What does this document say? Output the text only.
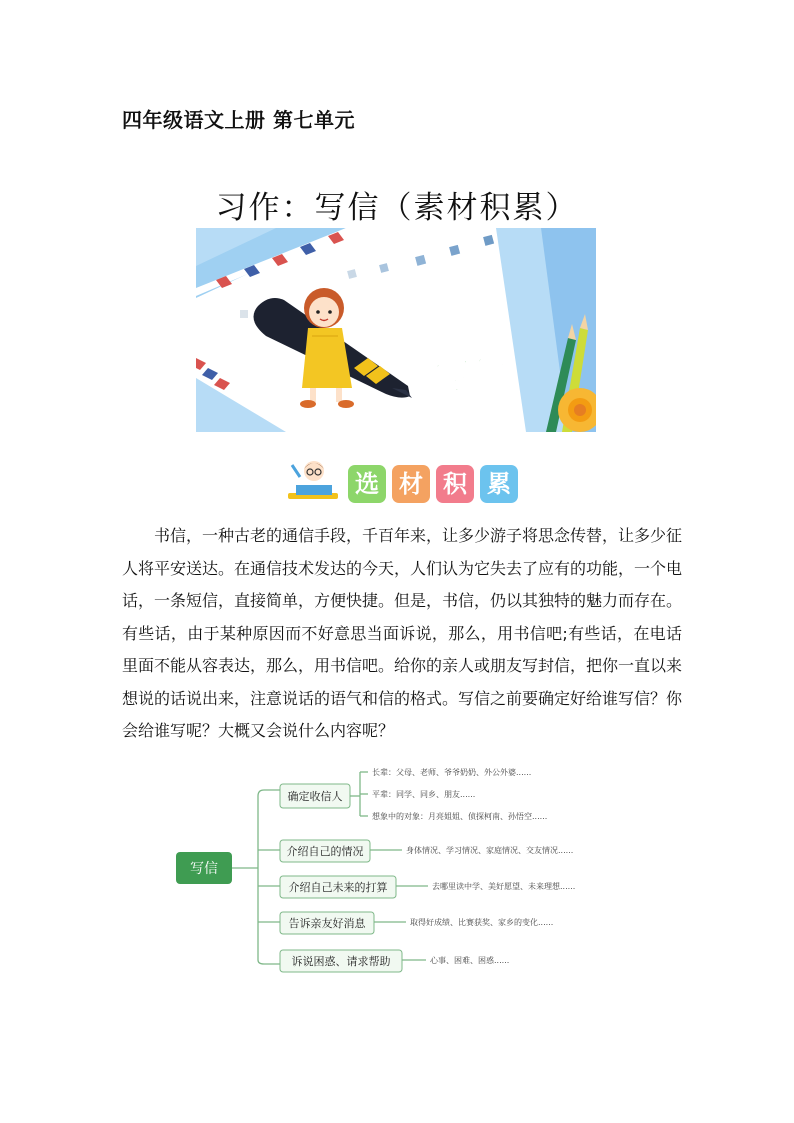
四年级语文上册 第七单元
习作：写信（素材积累）
写信
选 材 积 累

书信，一种古老的通信手段，千百年来，让多少游子将思念传替，让多少征人将平安送达。在通信技术发达的今天，人们认为它失去了应有的功能，一个电话，一条短信，直接简单，方便快捷。但是，书信，仍以其独特的魅力而存在。有些话，由于某种原因而不好意思当面诉说，那么，用书信吧;有些话，在电话里面不能从容表达，那么，用书信吧。给你的亲人或朋友写封信，把你一直以来想说的话说出来，注意说话的语气和信的格式。写信之前要确定好给谁写信？你会给谁写呢？大概又会说什么内容呢？

写信
确定收信人
介绍自己的情况
介绍自己未来的打算
告诉亲友好消息
诉说困惑、请求帮助
长辈：父母、老师、爷爷奶奶、外公外婆......
平辈：同学、同乡、朋友......
想象中的对象：月亮姐姐、侦探柯南、孙悟空......
身体情况、学习情况、家庭情况、交友情况......
去哪里读中学、美好愿望、未来理想......
取得好成绩、比赛获奖、家乡的变化......
心事、困难、困惑......
